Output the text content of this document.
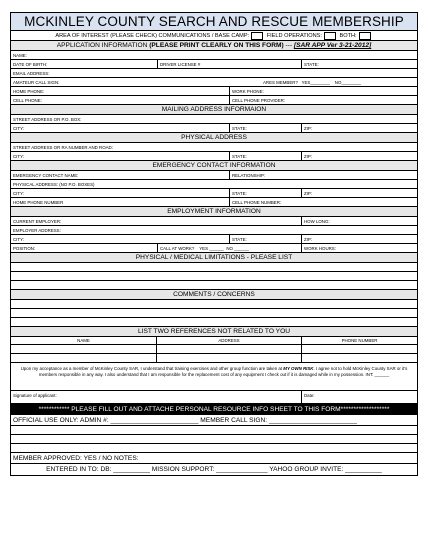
MCKINLEY COUNTY SEARCH AND RESCUE MEMBERSHIP
AREA OF INTEREST (PLEASE CHECK) COMMUNICATIONS / BASE CAMP:	FIELD OPERATIONS:	BOTH:
APPLICATION INFORMATION (PLEASE PRINT CLEARLY ON THIS FORM) --- [SAR APP Ver 3-21-2012]
NAME:
DATE OF BIRTH:	DRIVER LICENSE #	STATE:
EMAIL ADDRESS:
AMATEUR CALL SIGN:	ARES MEMBER? YES________    NO________
HOME PHONE:	WORK PHONE:
CELL PHONE:	CELL PHONE PROVIDER:
MAILING ADDRESS INFORMAION
STREET ADDRESS OR P.O. BOX:
CITY:	STATE:	ZIP:
PHYSICAL ADDRESS
STREET ADDRESS OR RA NUMBER AND ROAD:
CITY:	STATE:	ZIP:
EMERGENCY CONTACT INFORMATION
EMERGENCY CONTACT NAME:	RELATIONSHIP:
PHYSICAL ADDRESS: (NO P.O. BOXES)
CITY:	STATE:	ZIP:
HOME PHONE NUMBER	CELL PHONE NUMBER:
EMPLOYMENT INFORMATION
CURRENT EMPLOYER:	HOW LONG:
EMPLOYER ADDRESS:
CITY:	STATE:	ZIP:
POSITION:	CALL AT WORK? YES ______ NO ______	WORK HOURS:
PHYSICAL / MEDICAL LIMITATIONS - PLEASE LIST
COMMENTS / CONCERNS
LIST TWO REFERENCES NOT RELATED TO YOU
NAME	ADDRESS	PHONE NUMBER
Upon my acceptance as a member of McKinley County SAR, I understand that training exercises and other group function are taken at MY OWN RISK. I agree not to hold McKinley County SAR or it's members responsible in any way. I also understand that I am responsible for the replacement cost of any equipment I check out if it is damaged while in my possession. INT: ______
Signature of applicant:	Date:
************ PLEASE FILL OUT AND ATTACHE PERSONAL RESOURCE INFO SHEET TO THIS FORM*******************
OFFICIAL USE ONLY: ADMIN #: ________________________ MEMBER CALL SIGN: ________________________
MEMBER APPROVED: YES / NO NOTES:
ENTERED IN TO: DB: __________ MISSION SUPPORT: ______________ YAHOO GROUP INVITE: __________
